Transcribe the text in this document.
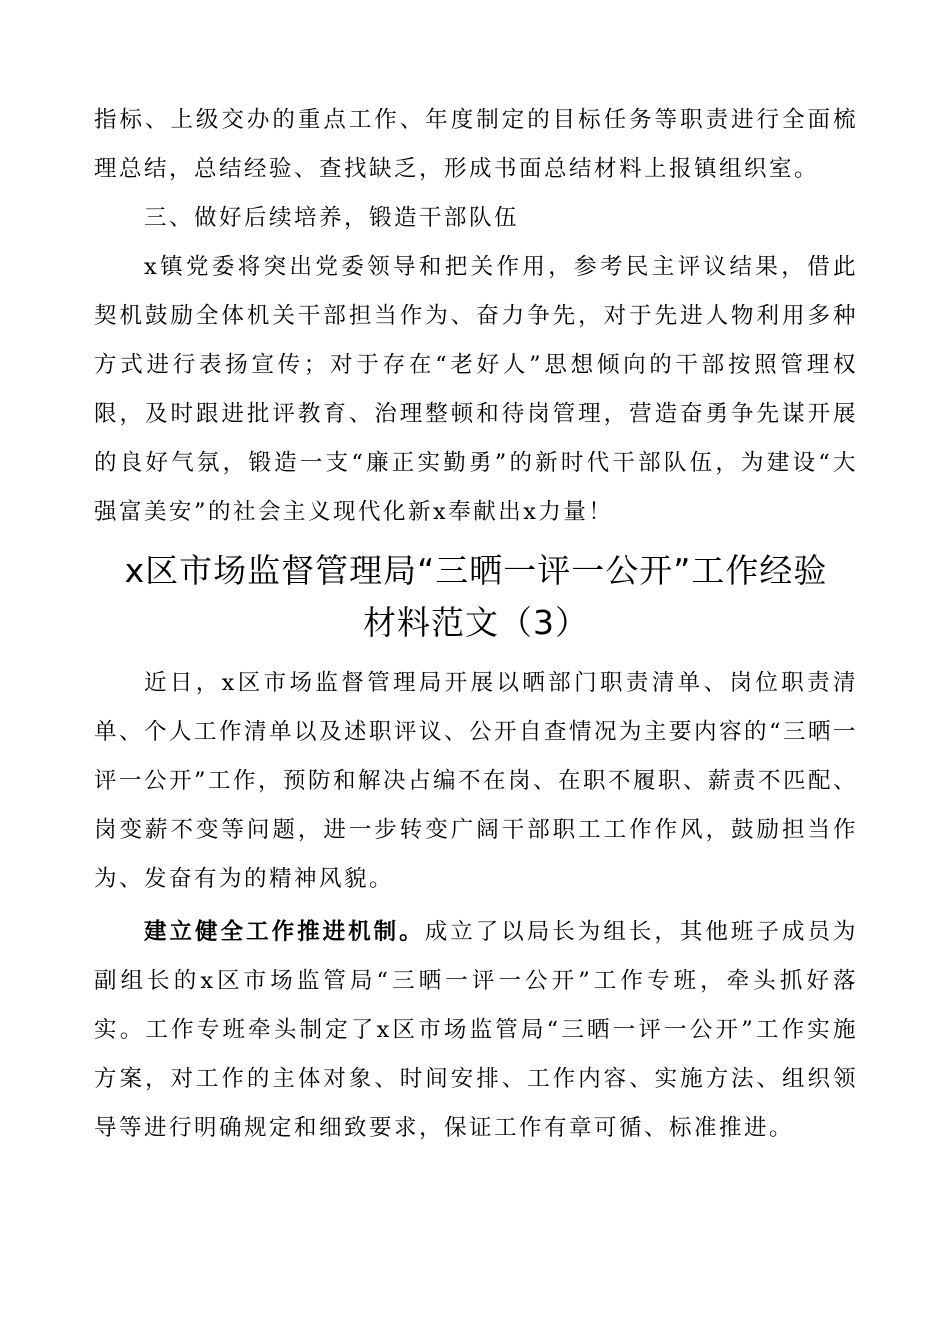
指标、上级交办的重点工作、年度制定的目标任务等职责进行全面梳理总结，总结经验、查找缺乏，形成书面总结材料上报镇组织室。

三、做好后续培养，锻造干部队伍

x镇党委将突出党委领导和把关作用，参考民主评议结果，借此契机鼓励全体机关干部担当作为、奋力争先，对于先进人物利用多种方式进行表扬宣传；对于存在“老好人”思想倾向的干部按照管理权限，及时跟进批评教育、治理整顿和待岗管理，营造奋勇争先谋开展的良好气氛，锻造一支“廉正实勤勇”的新时代干部队伍，为建设“大强富美安”的社会主义现代化新x奉献出x力量！

x区市场监督管理局“三晒一评一公开”工作经验
材料范文（3）

近日，x区市场监督管理局开展以晒部门职责清单、岗位职责清单、个人工作清单以及述职评议、公开自查情况为主要内容的“三晒一评一公开”工作，预防和解决占编不在岗、在职不履职、薪责不匹配、岗变薪不变等问题，进一步转变广阔干部职工工作作风，鼓励担当作为、发奋有为的精神风貌。

建立健全工作推进机制。成立了以局长为组长，其他班子成员为副组长的x区市场监管局“三晒一评一公开”工作专班，牵头抓好落实。工作专班牵头制定了x区市场监管局“三晒一评一公开”工作实施方案，对工作的主体对象、时间安排、工作内容、实施方法、组织领导等进行明确规定和细致要求，保证工作有章可循、标准推进。
